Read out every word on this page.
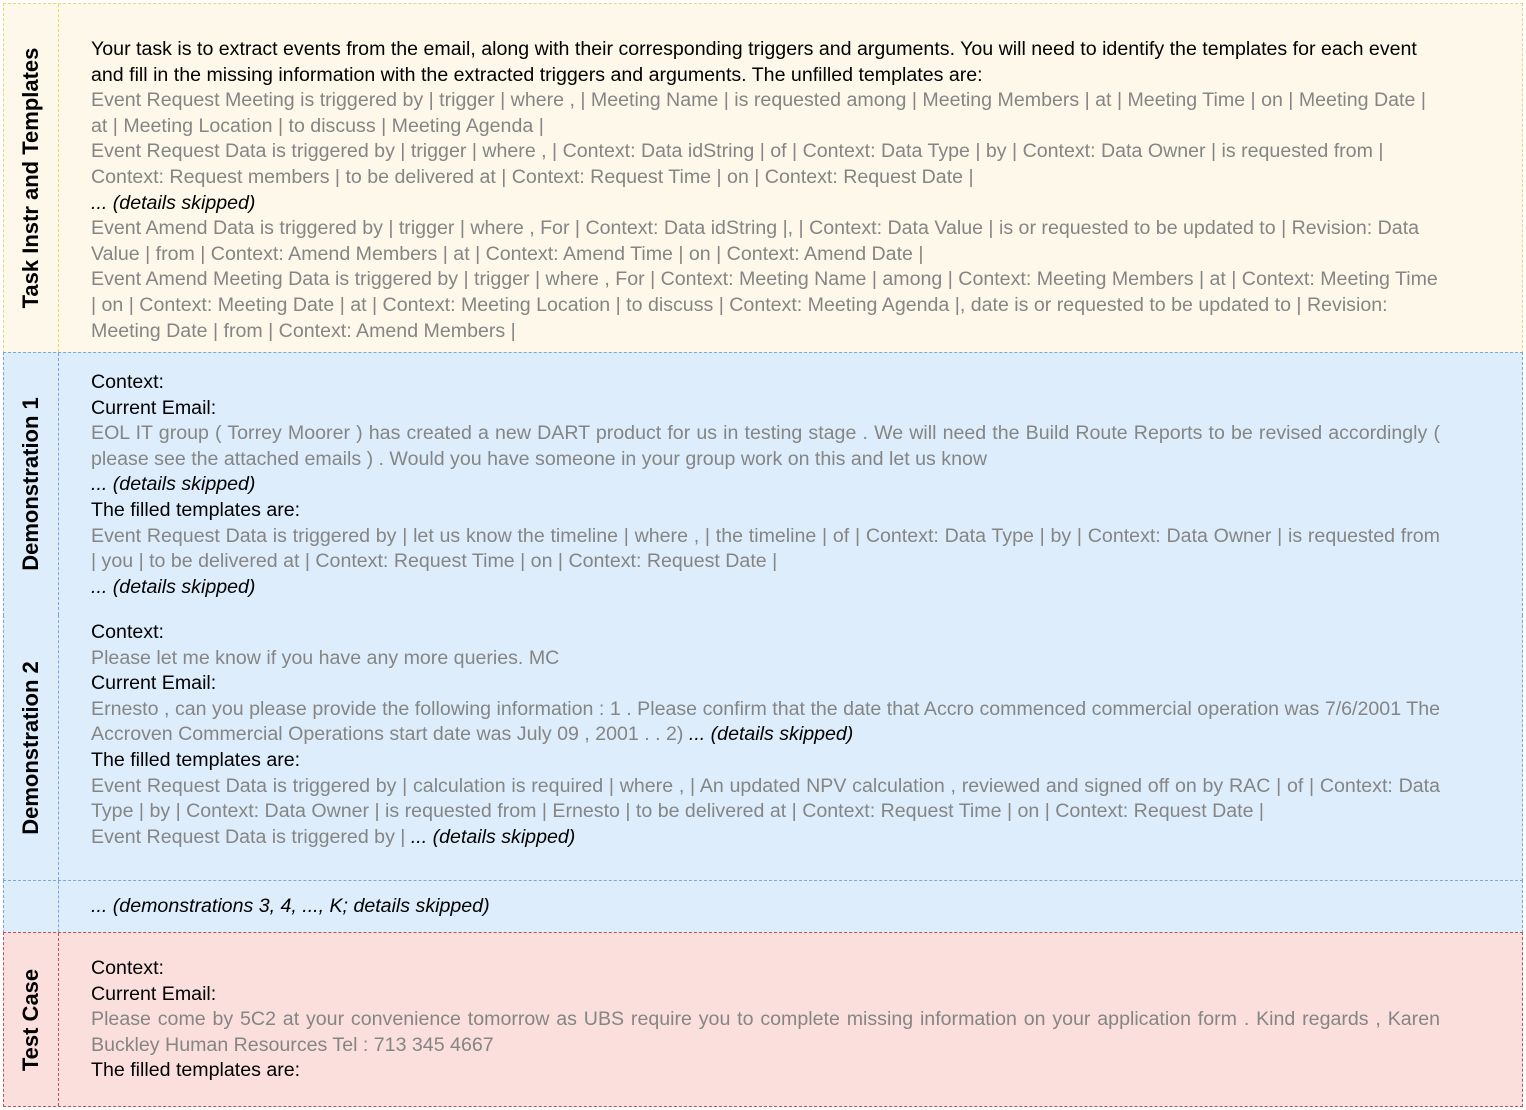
Task Instr and Templates Your task is to extract events from the email, along with their corresponding triggers and arguments. You will need to identify the templates for each event and fill in the missing information with the extracted triggers and arguments. The unfilled templates are:
Event Request Meeting is triggered by | trigger | where , | Meeting Name | is requested among | Meeting Members | at | Meeting Time | on | Meeting Date | at | Meeting Location | to discuss | Meeting Agenda |
Event Request Data is triggered by | trigger | where , | Context: Data idString | of | Context: Data Type | by | Context: Data Owner | is requested from | Context: Request members | to be delivered at | Context: Request Time | on | Context: Request Date |
... (details skipped)
Event Amend Data is triggered by | trigger | where , For | Context: Data idString |, | Context: Data Value | is or requested to be updated to | Revision: Data Value | from | Context: Amend Members | at | Context: Amend Time | on | Context: Amend Date |
Event Amend Meeting Data is triggered by | trigger | where , For | Context: Meeting Name | among | Context: Meeting Members | at | Context: Meeting Time | on | Context: Meeting Date | at | Context: Meeting Location | to discuss | Context: Meeting Agenda |, date is or requested to be updated to | Revision: Meeting Date | from | Context: Amend Members |
Demonstration 1
Context:
Current Email:
EOL IT group ( Torrey Moorer ) has created a new DART product for us in testing stage . We will need the Build Route Reports to be revised accordingly ( please see the attached emails ) . Would you have someone in your group work on this and let us know
... (details skipped)
The filled templates are:
Event Request Data is triggered by | let us know the timeline | where , | the timeline | of | Context: Data Type | by | Context: Data Owner | is requested from | you | to be delivered at | Context: Request Time | on | Context: Request Date |
... (details skipped)
Demonstration 2
Context:
Please let me know if you have any more queries. MC
Current Email:
Ernesto , can you please provide the following information : 1 . Please confirm that the date that Accro commenced commercial operation was 7/6/2001 The Accroven Commercial Operations start date was July 09 , 2001 . . 2) ... (details skipped)
The filled templates are:
Event Request Data is triggered by | calculation is required | where , | An updated NPV calculation , reviewed and signed off on by RAC | of | Context: Data Type | by | Context: Data Owner | is requested from | Ernesto | to be delivered at | Context: Request Time | on | Context: Request Date |
Event Request Data is triggered by | ... (details skipped)
... (demonstrations 3, 4, ..., K; details skipped)
Test Case
Context:
Current Email:
Please come by 5C2 at your convenience tomorrow as UBS require you to complete missing information on your application form . Kind regards , Karen Buckley Human Resources Tel : 713 345 4667
The filled templates are:
